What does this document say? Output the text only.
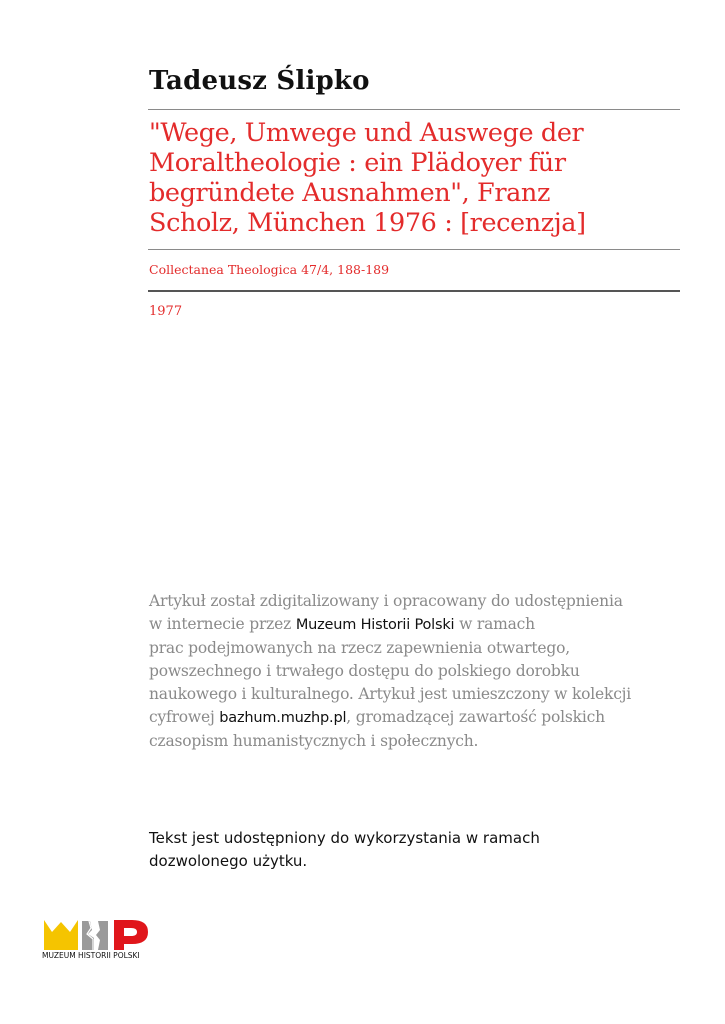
Tadeusz Ślipko
"Wege, Umwege und Auswege der
Moraltheologie : ein Plädoyer für
begründete Ausnahmen", Franz
Scholz, München 1976 : [recenzja]
Collectanea Theologica 47/4, 188-189
1977
Artykuł został zdigitalizowany i opracowany do udostępnienia
w internecie przez Muzeum Historii Polski w ramach
prac podejmowanych na rzecz zapewnienia otwartego,
powszechnego i trwałego dostępu do polskiego dorobku
naukowego i kulturalnego. Artykuł jest umieszczony w kolekcji
cyfrowej bazhum.muzhp.pl, gromadzącej zawartość polskich
czasopism humanistycznych i społecznych.
Tekst jest udostępniony do wykorzystania w ramach
dozwolonego użytku.
MUZEUM HISTORII POLSKI
